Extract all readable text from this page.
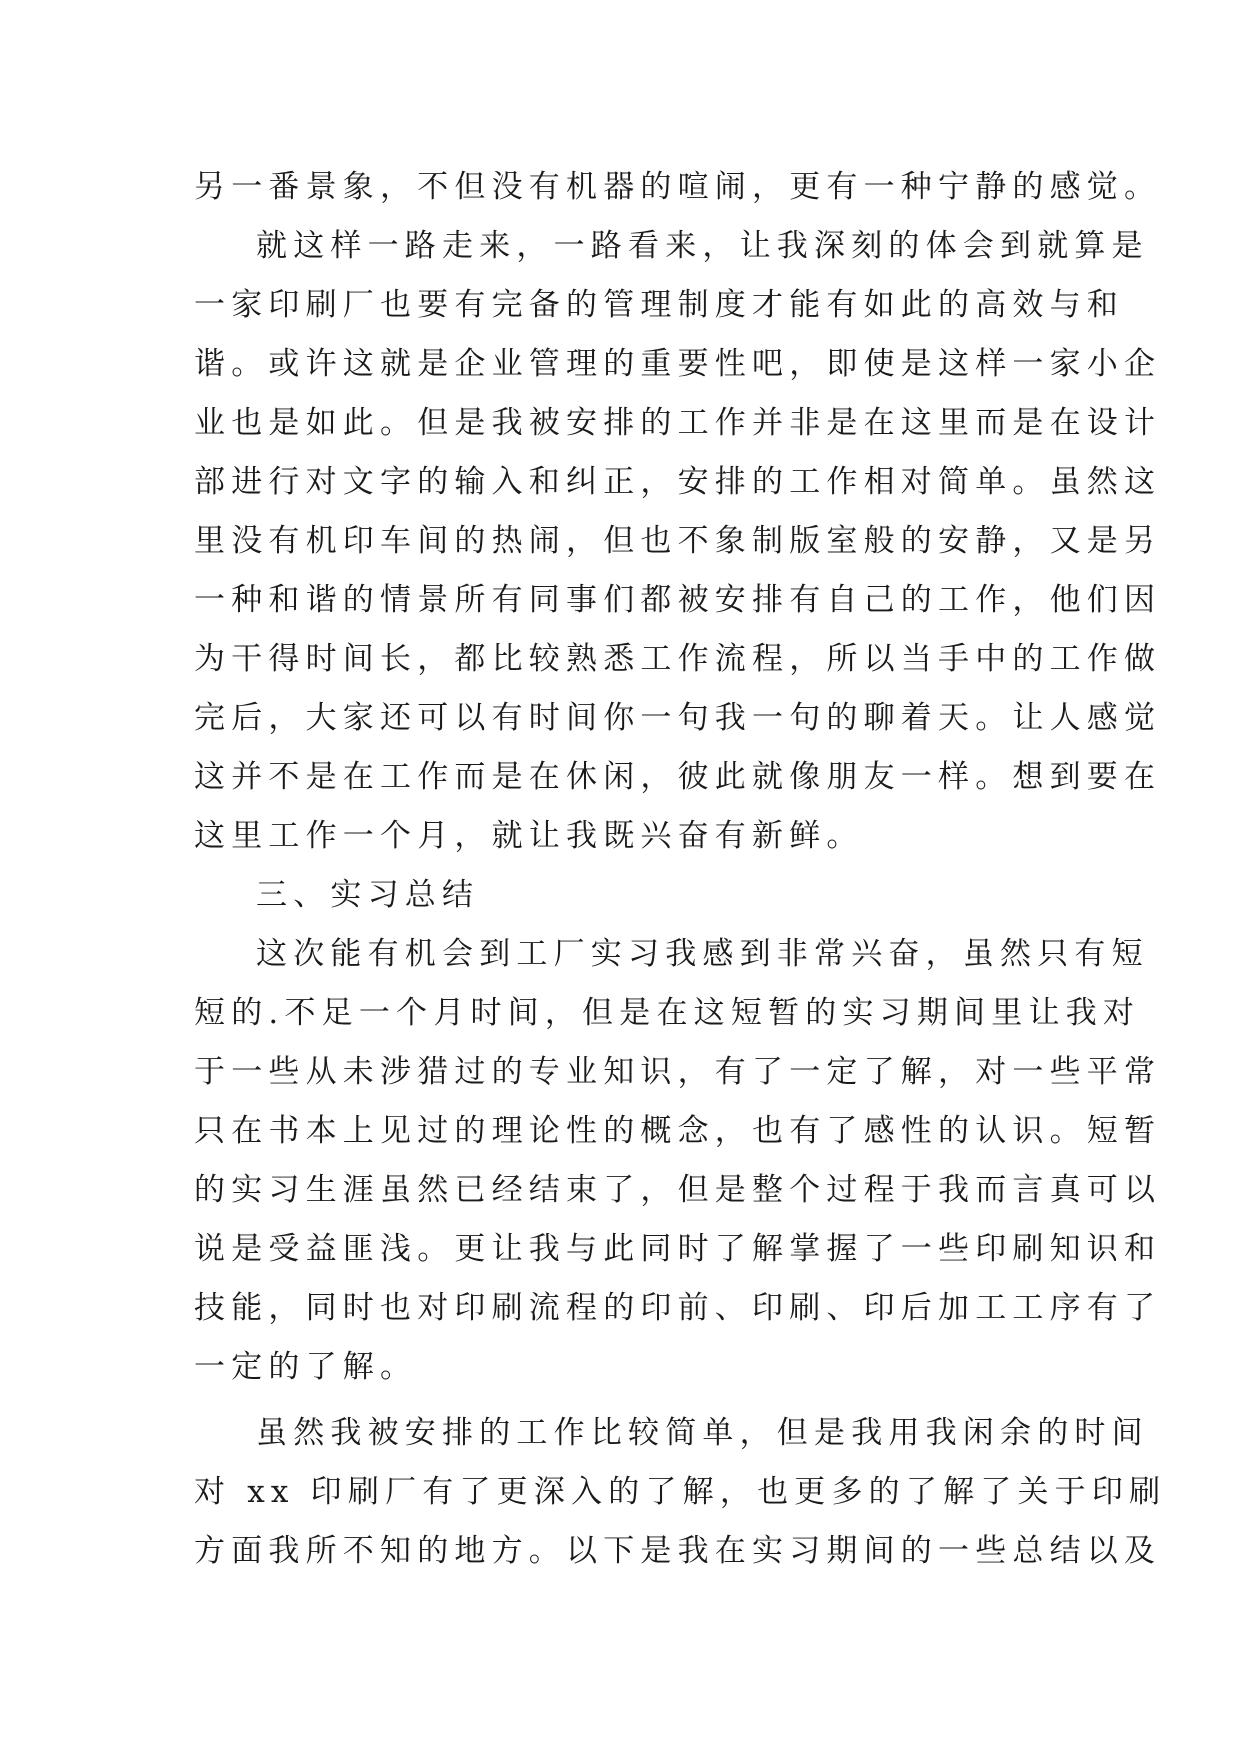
另一番景象，不但没有机器的喧闹，更有一种宁静的感觉。
就这样一路走来，一路看来，让我深刻的体会到就算是
一家印刷厂也要有完备的管理制度才能有如此的高效与和
谐。或许这就是企业管理的重要性吧，即使是这样一家小企
业也是如此。但是我被安排的工作并非是在这里而是在设计
部进行对文字的输入和纠正，安排的工作相对简单。虽然这
里没有机印车间的热闹，但也不象制版室般的安静，又是另
一种和谐的情景所有同事们都被安排有自己的工作，他们因
为干得时间长，都比较熟悉工作流程，所以当手中的工作做
完后，大家还可以有时间你一句我一句的聊着天。让人感觉
这并不是在工作而是在休闲，彼此就像朋友一样。想到要在
这里工作一个月，就让我既兴奋有新鲜。
三、实习总结
这次能有机会到工厂实习我感到非常兴奋，虽然只有短
短的.不足一个月时间，但是在这短暂的实习期间里让我对
于一些从未涉猎过的专业知识，有了一定了解，对一些平常
只在书本上见过的理论性的概念，也有了感性的认识。短暂
的实习生涯虽然已经结束了，但是整个过程于我而言真可以
说是受益匪浅。更让我与此同时了解掌握了一些印刷知识和
技能，同时也对印刷流程的印前、印刷、印后加工工序有了
一定的了解。
虽然我被安排的工作比较简单，但是我用我闲余的时间
对 xx 印刷厂有了更深入的了解，也更多的了解了关于印刷
方面我所不知的地方。以下是我在实习期间的一些总结以及
